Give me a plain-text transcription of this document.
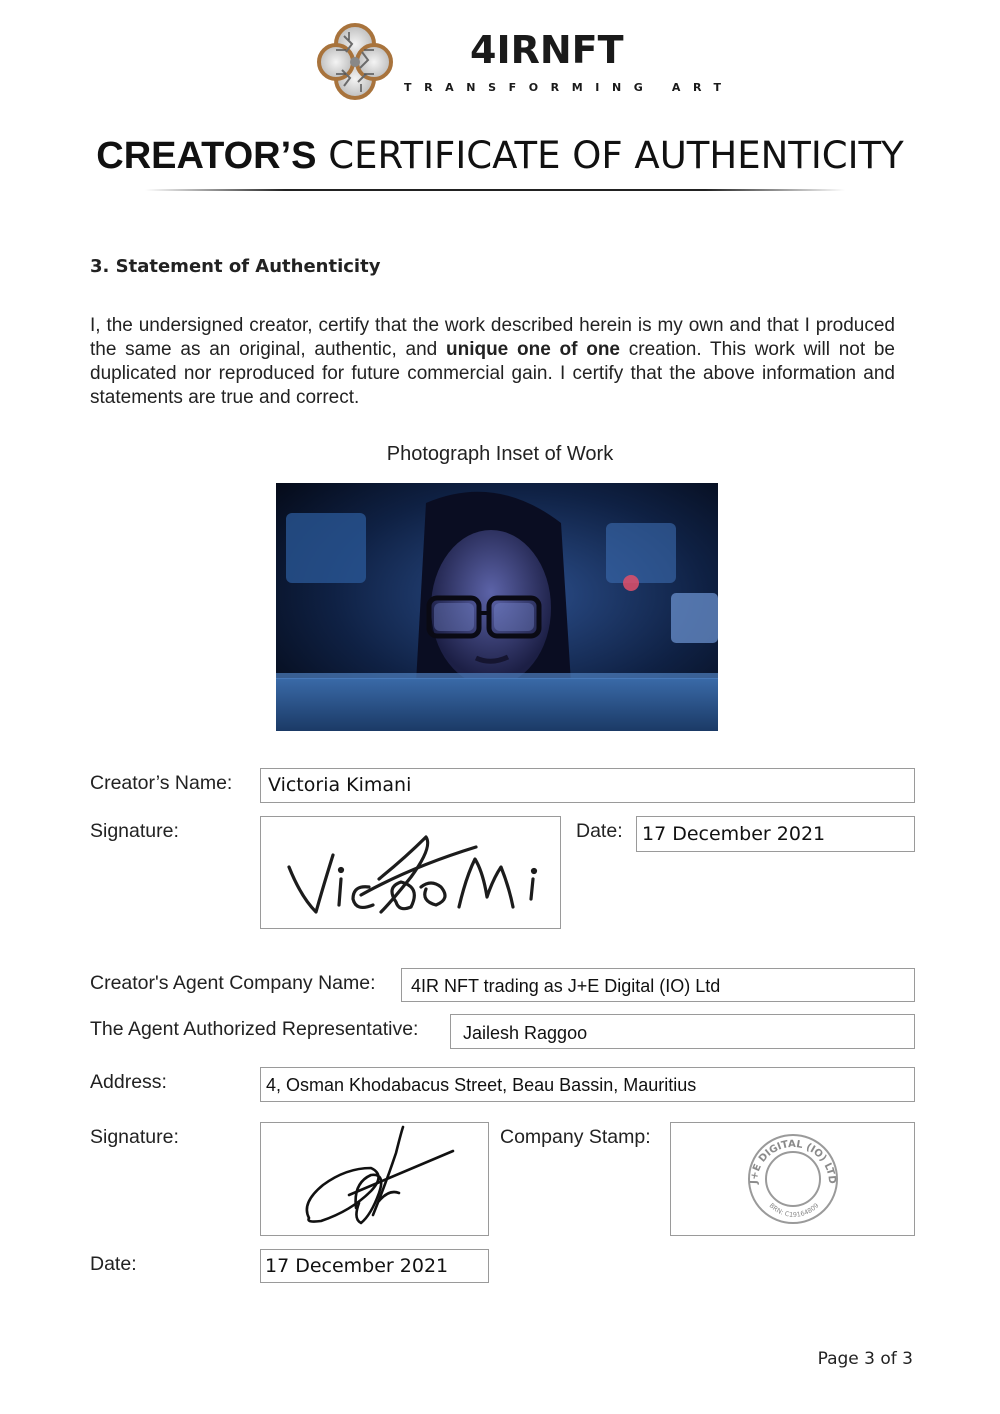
4IRNFT
TRANSFORMING ART
CREATOR’S CERTIFICATE OF AUTHENTICITY
3. Statement of Authenticity
I, the undersigned creator, certify that the work described herein is my own and that I produced the same as an original, authentic, and unique one of one creation. This work will not be duplicated nor reproduced for future commercial gain. I certify that the above information and statements are true and correct.
Photograph Inset of Work
Creator’s Name:	Victoria Kimani
Signature:	Date:	17 December 2021
Creator's Agent Company Name:	4IR NFT trading as J+E Digital (IO) Ltd
The Agent Authorized Representative:	Jailesh Raggoo
Address:	4, Osman Khodabacus Street, Beau Bassin, Mauritius
Signature:	Company Stamp:
J+E DIGITAL (IO) LTD
BRN: C19164809
Date:	17 December 2021
Page 3 of 3
